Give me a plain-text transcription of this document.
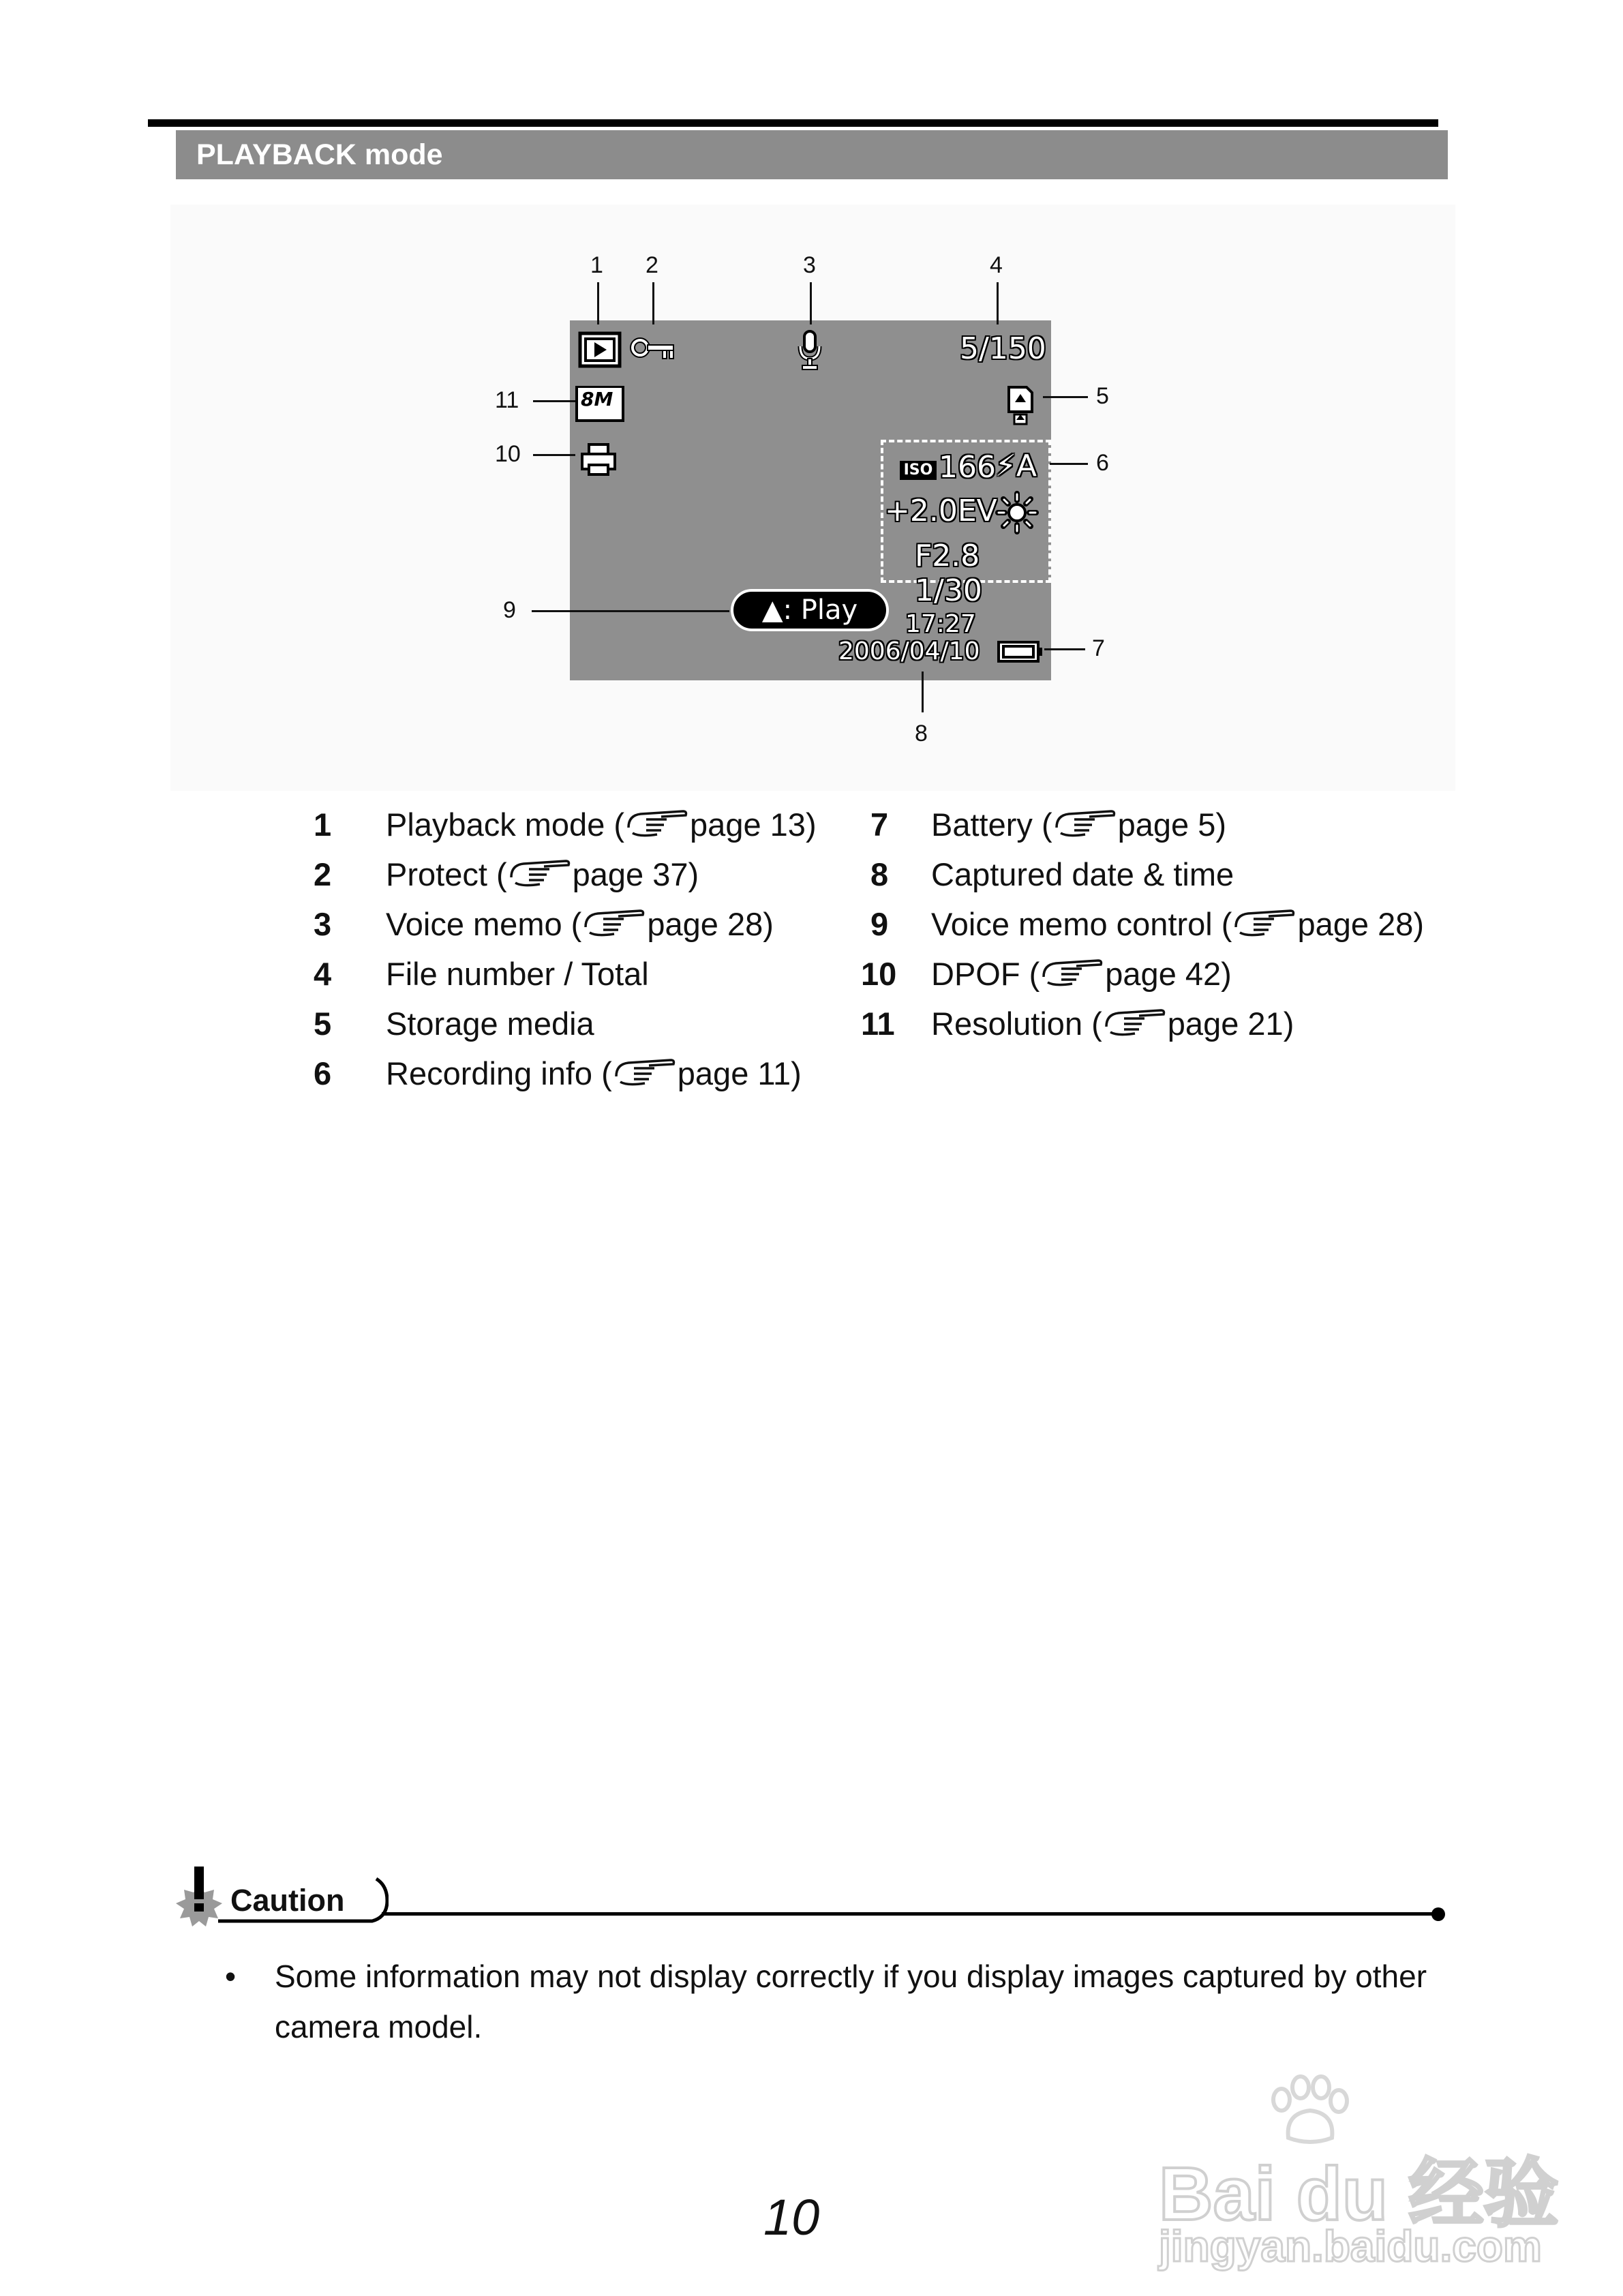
PLAYBACK mode
5/150
8M
ISO 166 ⚡A
+2.0EV
F2.8 1/30
▲: Play	17:27
2006/04/10
1 2	3	4
5
6
7
8
9
10
11
1 Playback mode ( page 13)
2 Protect ( page 37)
3 Voice memo ( page 28)
4 File number / Total
5 Storage media
6 Recording info ( page 11)
7 Battery ( page 5)
8 Captured date & time
9 Voice memo control ( page 28)
10 DPOF ( page 42)
11 Resolution ( page 21)
Caution
• Some information may not display correctly if you display images captured by other camera model.
10	Bai du 经验
jingyan.baidu.com
